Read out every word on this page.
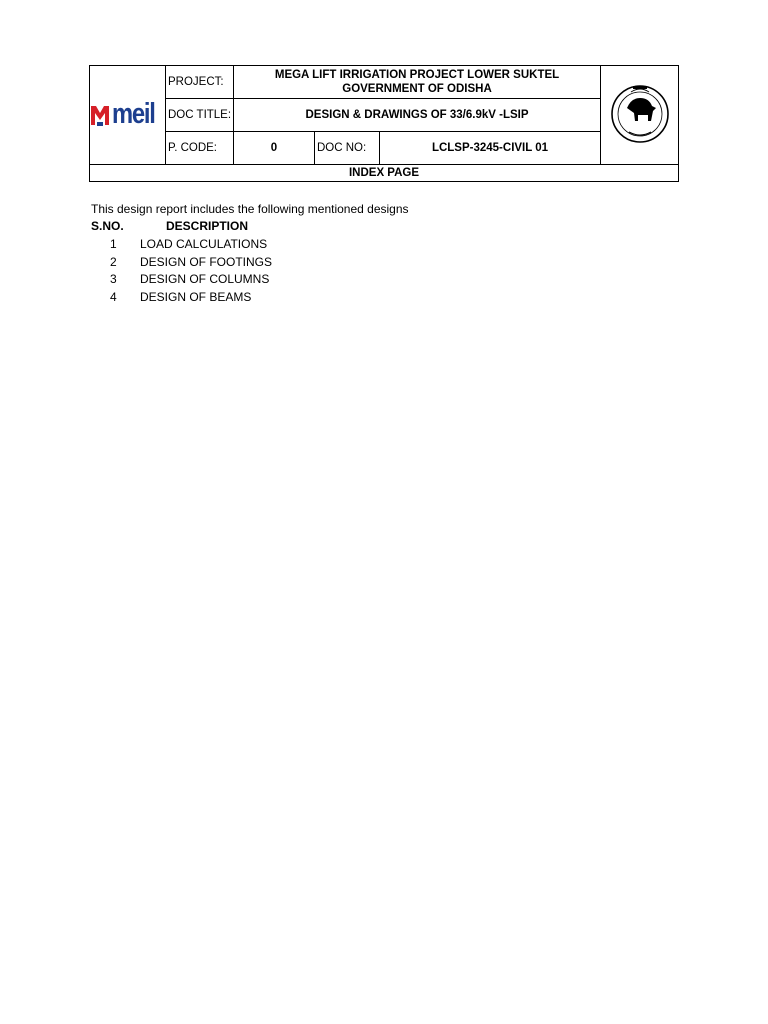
meil	PROJECT:	MEGA LIFT IRRIGATION PROJECT LOWER SUKTEL
GOVERNMENT OF ODISHA

	DOC TITLE:	DESIGN & DRAWINGS OF 33/6.9kV -LSIP			
	P. CODE:	0	DOC NO:	LCLSP-3245-CIVIL 01	
INDEX PAGE					
This design report includes the following mentioned designs
S.NO.	DESCRIPTION
1	LOAD CALCULATIONS
2	DESIGN OF FOOTINGS
3	DESIGN OF COLUMNS
4	DESIGN OF BEAMS
